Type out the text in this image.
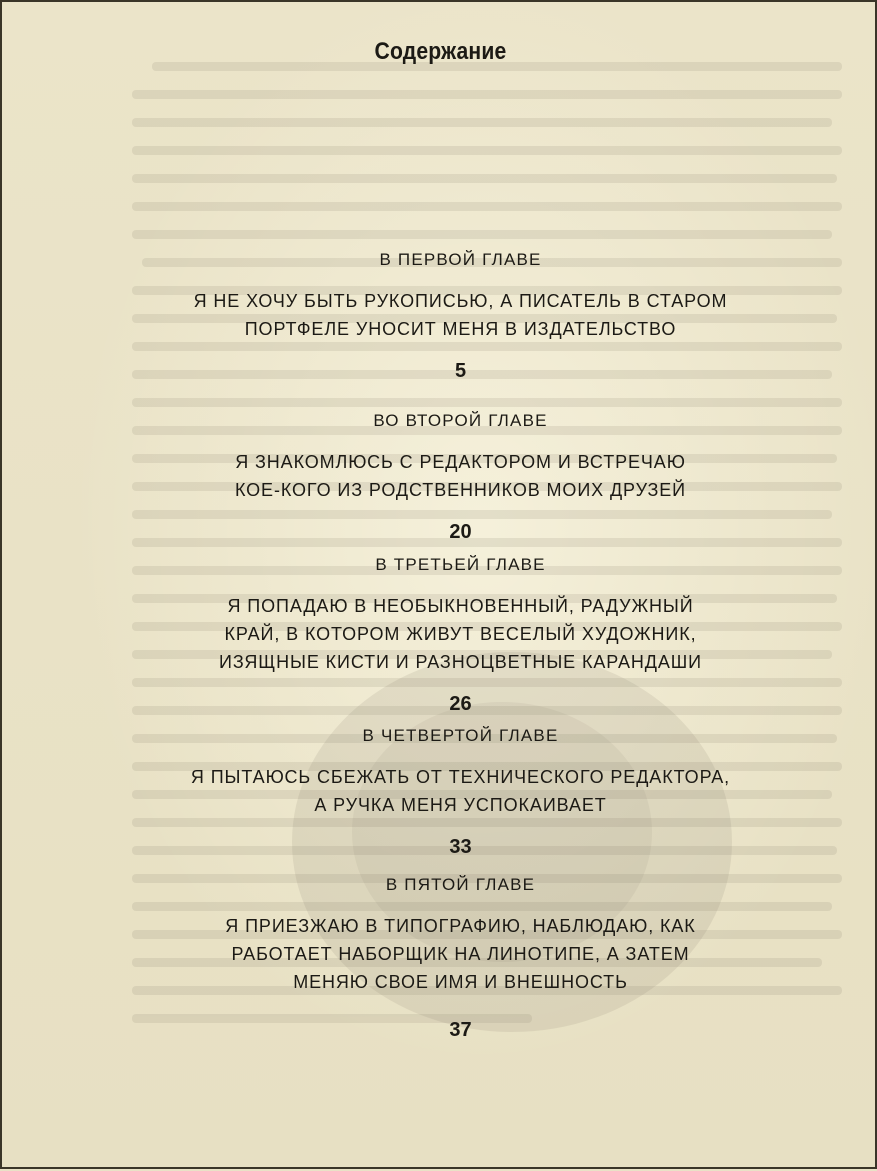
Содержание
В ПЕРВОЙ ГЛАВЕ
Я НЕ ХОЧУ БЫТЬ РУКОПИСЬЮ, А ПИСАТЕЛЬ В СТАРОМ
ПОРТФЕЛЕ УНОСИТ МЕНЯ В ИЗДАТЕЛЬСТВО
5
ВО ВТОРОЙ ГЛАВЕ
Я ЗНАКОМЛЮСЬ С РЕДАКТОРОМ И ВСТРЕЧАЮ
КОЕ-КОГО ИЗ РОДСТВЕННИКОВ МОИХ ДРУЗЕЙ
20
В ТРЕТЬЕЙ ГЛАВЕ
Я ПОПАДАЮ В НЕОБЫКНОВЕННЫЙ, РАДУЖНЫЙ
КРАЙ, В КОТОРОМ ЖИВУТ ВЕСЕЛЫЙ ХУДОЖНИК,
ИЗЯЩНЫЕ КИСТИ И РАЗНОЦВЕТНЫЕ КАРАНДАШИ
26
В ЧЕТВЕРТОЙ ГЛАВЕ
Я ПЫТАЮСЬ СБЕЖАТЬ ОТ ТЕХНИЧЕСКОГО РЕДАКТОРА,
А РУЧКА МЕНЯ УСПОКАИВАЕТ
33
В ПЯТОЙ ГЛАВЕ
Я ПРИЕЗЖАЮ В ТИПОГРАФИЮ, НАБЛЮДАЮ, КАК
РАБОТАЕТ НАБОРЩИК НА ЛИНОТИПЕ, А ЗАТЕМ
МЕНЯЮ СВОЕ ИМЯ И ВНЕШНОСТЬ
37
